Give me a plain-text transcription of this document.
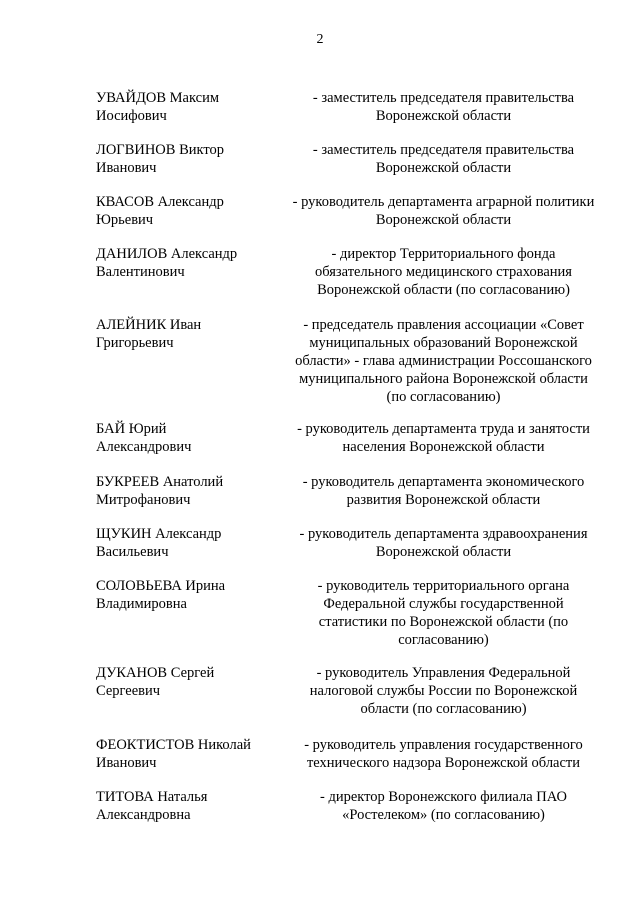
2
УВАЙДОВ Максим
Иосифович
- заместитель председателя правительства
Воронежской области
ЛОГВИНОВ Виктор
Иванович
- заместитель председателя правительства
Воронежской области
КВАСОВ Александр
Юрьевич
- руководитель департамента аграрной политики
Воронежской области
ДАНИЛОВ Александр
Валентинович
- директор Территориального фонда
обязательного медицинского страхования
Воронежской области (по согласованию)
АЛЕЙНИК Иван
Григорьевич
- председатель правления ассоциации «Совет
муниципальных образований Воронежской
области» - глава администрации Россошанского
муниципального района Воронежской области
(по согласованию)
БАЙ Юрий
Александрович
- руководитель департамента труда и занятости
населения Воронежской области
БУКРЕЕВ Анатолий
Митрофанович
- руководитель департамента экономического
развития Воронежской области
ЩУКИН Александр
Васильевич
- руководитель департамента здравоохранения
Воронежской области
СОЛОВЬЕВА Ирина
Владимировна
- руководитель территориального органа
Федеральной службы государственной
статистики по Воронежской области (по
согласованию)
ДУКАНОВ Сергей
Сергеевич
- руководитель Управления Федеральной
налоговой службы России по Воронежской
области (по согласованию)
ФЕОКТИСТОВ Николай
Иванович
- руководитель управления государственного
технического надзора Воронежской области
ТИТОВА Наталья
Александровна
- директор Воронежского филиала ПАО
«Ростелеком» (по согласованию)
